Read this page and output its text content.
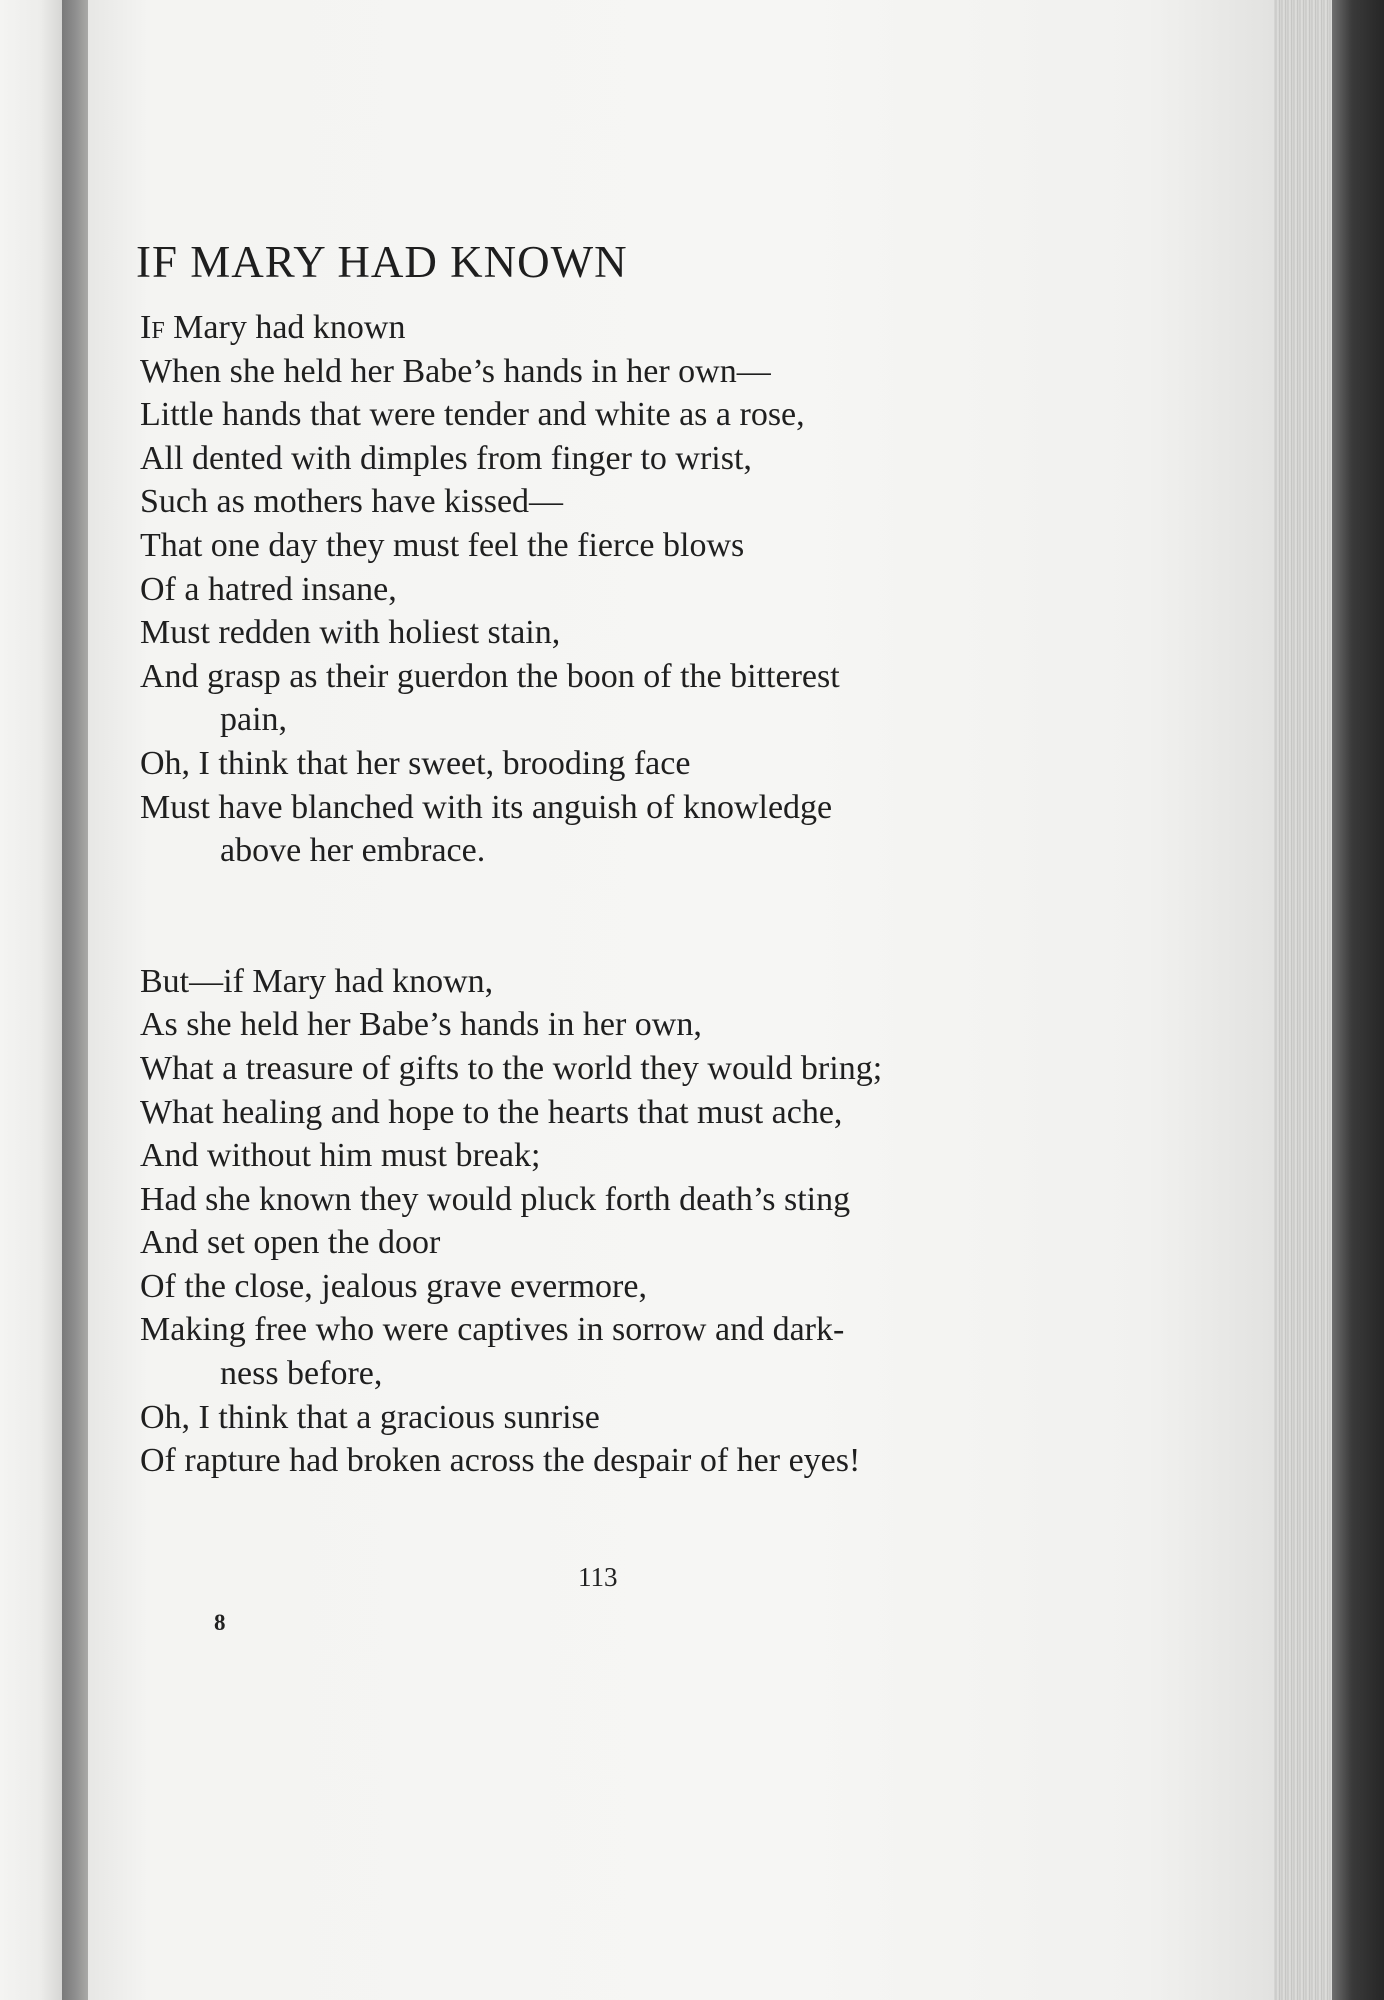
IF MARY HAD KNOWN
If Mary had known
When she held her Babe’s hands in her own—
Little hands that were tender and white as a rose,
All dented with dimples from finger to wrist,
Such as mothers have kissed—
That one day they must feel the fierce blows
Of a hatred insane,
Must redden with holiest stain,
And grasp as their guerdon the boon of the bitterest
pain,
Oh, I think that her sweet, brooding face
Must have blanched with its anguish of knowledge
above her embrace.
But—if Mary had known,
As she held her Babe’s hands in her own,
What a treasure of gifts to the world they would bring;
What healing and hope to the hearts that must ache,
And without him must break;
Had she known they would pluck forth death’s sting
And set open the door
Of the close, jealous grave evermore,
Making free who were captives in sorrow and dark-
ness before,
Oh, I think that a gracious sunrise
Of rapture had broken across the despair of her eyes!
113
8
